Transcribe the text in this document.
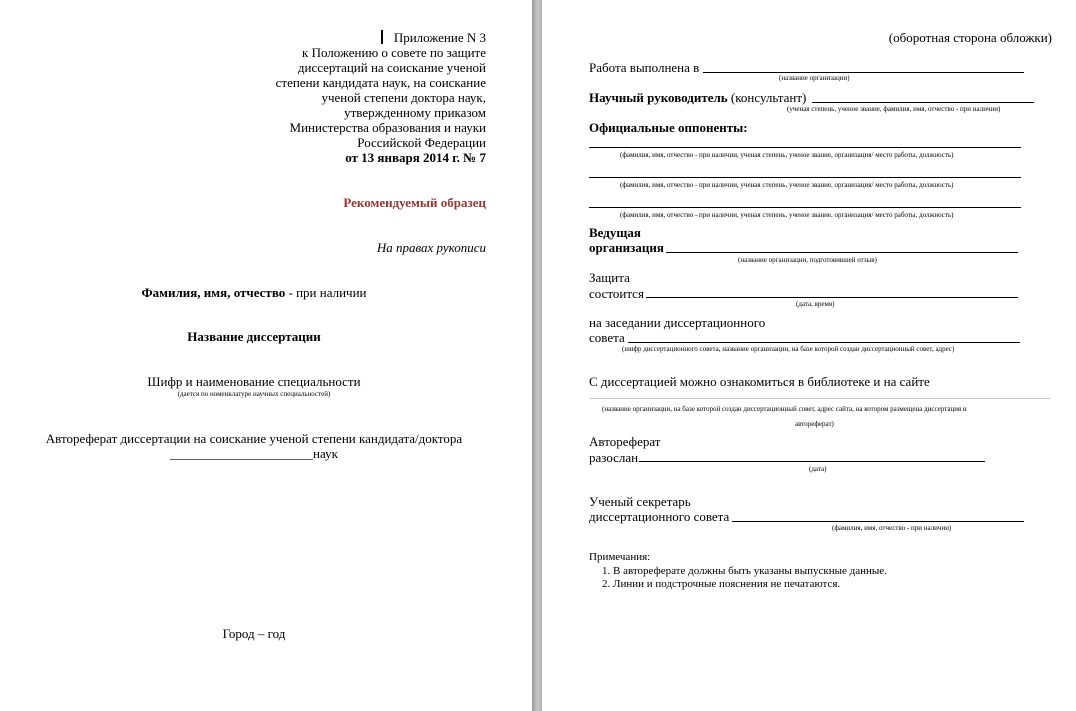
Приложение N 3
к Положению о совете по защите
диссертаций на соискание ученой
степени кандидата наук, на соискание
ученой степени доктора наук,
утвержденному приказом
Министерства образования и науки
Российской Федерации
от 13 января 2014 г. № 7
Рекомендуемый образец
На правах рукописи
Фамилия, имя, отчество - при наличии
Название диссертации
Шифр и наименование специальности
(дается по номенклатуре научных специальностей)
Автореферат диссертации на соискание ученой степени кандидата/доктора
______________________наук
Город – год
(оборотная сторона обложки)
Работа выполнена в
(название организации)
Научный руководитель (консультант)
(ученая степень, ученое звание, фамилия, имя, отчество - при наличии)
Официальные оппоненты:
(фамилия, имя, отчество - при наличии, ученая степень, ученое звание, организация/ место работы, должность)
(фамилия, имя, отчество - при наличии, ученая степень, ученое звание, организация/ место работы, должность)
(фамилия, имя, отчество - при наличии, ученая степень, ученое звание, организация/ место работы, должность)
Ведущая
организация
(название организации, подготовившей отзыв)
Защита
состоится
(дата, время)
на заседании диссертационного
совета
(шифр диссертационного совета, название организации, на базе которой создан диссертационный совет, адрес)
С диссертацией можно ознакомиться в библиотеке и на сайте
(название организации, на базе которой создан диссертационный совет, адрес сайта, на котором размещена диссертация и
автореферат)
Автореферат
разослан
(дата)
Ученый секретарь
диссертационного совета
(фамилия, имя, отчество - при наличии)
Примечания:
1. В автореферате должны быть указаны выпускные данные.
2. Линии и подстрочные пояснения не печатаются.
